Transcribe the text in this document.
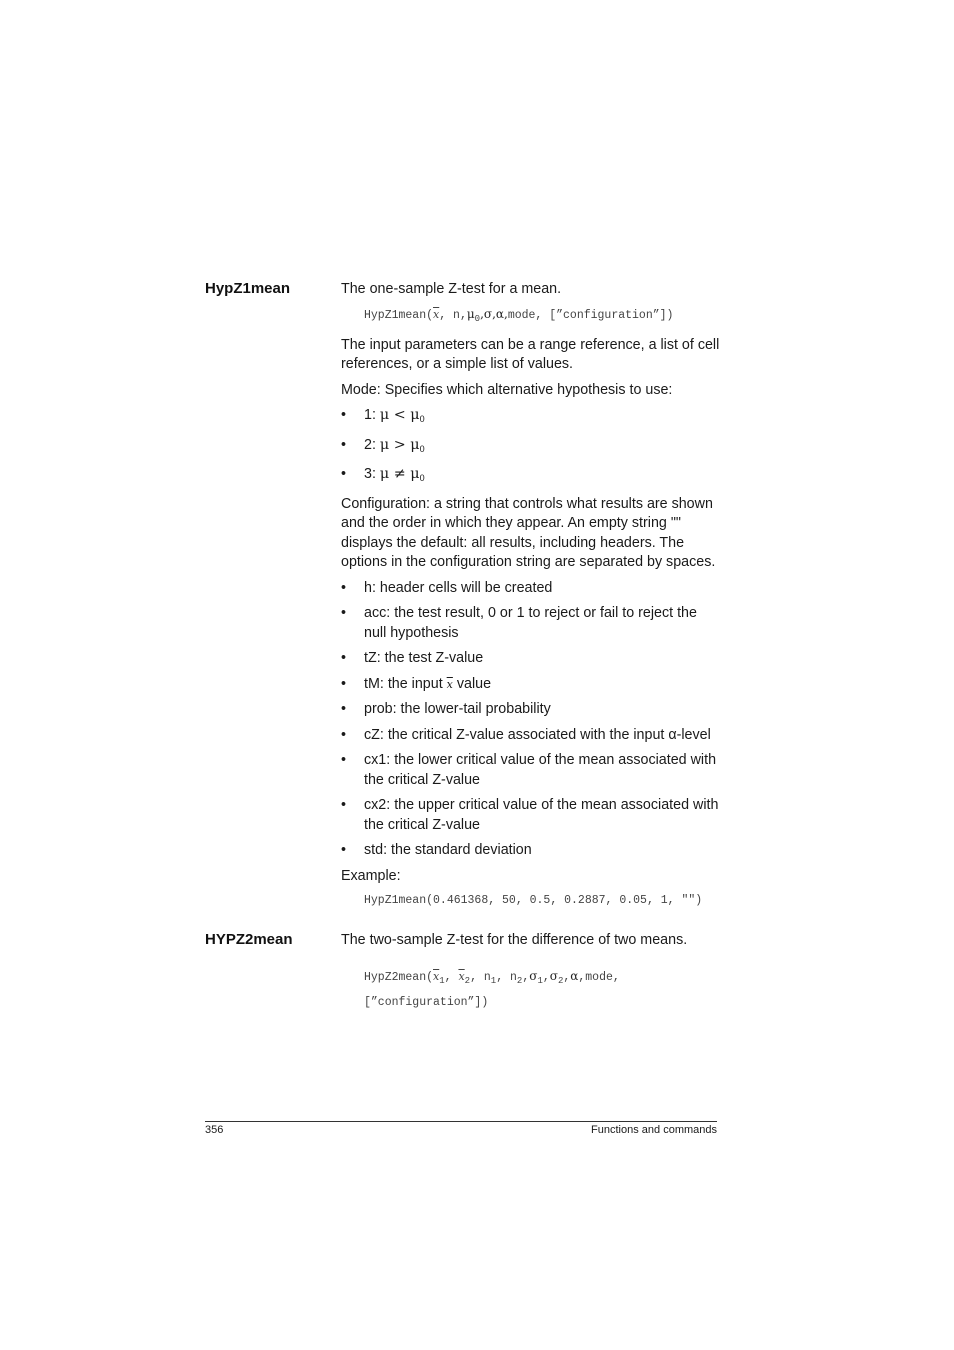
HypZ1mean	The one-sample Z-test for a mean.

$HypZ1mean(\overline{x}$, $n,\mu_0,\sigma,\alpha,mode$, [”configuration”])

The input parameters can be a range reference, a list of cell references, or a simple list of values.

Mode: Specifies which alternative hypothesis to use:

• 1: $\mu < \mu_0$
• 2: $\mu > \mu_0$
• 3: $\mu \ne \mu_0$

Configuration: a string that controls what results are shown and the order in which they appear. An empty string "" displays the default: all results, including headers. The options in the configuration string are separated by spaces.

• h: header cells will be created
• acc: the test result, 0 or 1 to reject or fail to reject the null hypothesis
• tZ: the test Z-value
• tM: the input $\overline{x}$ value
• prob: the lower-tail probability
• cZ: the critical Z-value associated with the input α-level
• cx1: the lower critical value of the mean associated with the critical Z-value
• cx2: the upper critical value of the mean associated with the critical Z-value
• std: the standard deviation

Example:

HypZ1mean(0.461368, 50, 0.5, 0.2887, 0.05, 1, "")
HYPZ2mean	The two-sample Z-test for the difference of two means.

$HypZ2mean(\overline{x}_1$, $\overline{x}_2$, $n_1$, $n_2,\sigma_1,\sigma_2,\alpha,mode$,
[”configuration”])
356	Functions and commands
